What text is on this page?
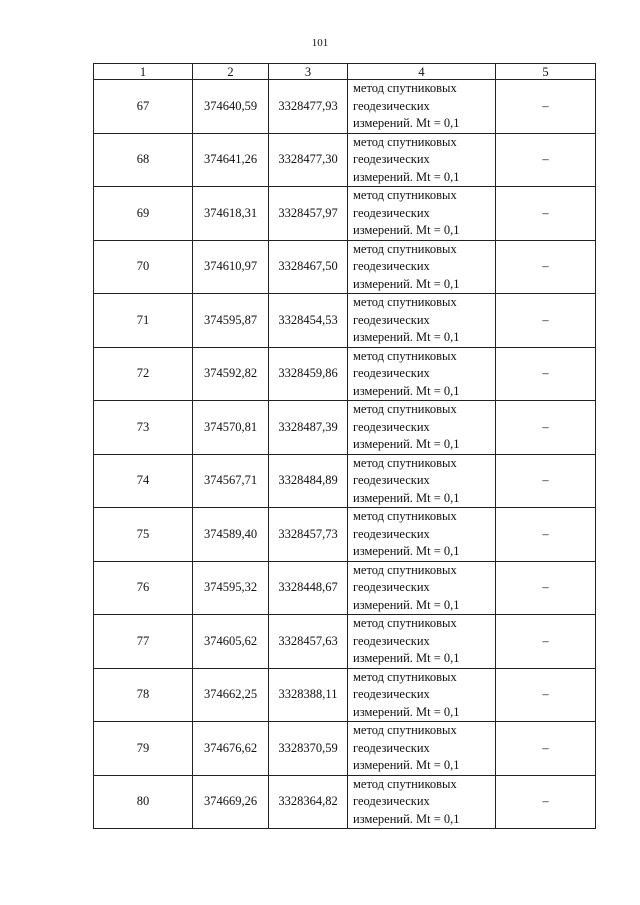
101
1	2	3	4	5
67	374640,59	3328477,93	метод спутниковых
геодезических
измерений. Mt = 0,1	–
68	374641,26	3328477,30	метод спутниковых
геодезических
измерений. Mt = 0,1	–
69	374618,31	3328457,97	метод спутниковых
геодезических
измерений. Mt = 0,1	–
70	374610,97	3328467,50	метод спутниковых
геодезических
измерений. Mt = 0,1	–
71	374595,87	3328454,53	метод спутниковых
геодезических
измерений. Mt = 0,1	–
72	374592,82	3328459,86	метод спутниковых
геодезических
измерений. Mt = 0,1	–
73	374570,81	3328487,39	метод спутниковых
геодезических
измерений. Mt = 0,1	–
74	374567,71	3328484,89	метод спутниковых
геодезических
измерений. Mt = 0,1	–
75	374589,40	3328457,73	метод спутниковых
геодезических
измерений. Mt = 0,1	–
76	374595,32	3328448,67	метод спутниковых
геодезических
измерений. Mt = 0,1	–
77	374605,62	3328457,63	метод спутниковых
геодезических
измерений. Mt = 0,1	–
78	374662,25	3328388,11	метод спутниковых
геодезических
измерений. Mt = 0,1	–
79	374676,62	3328370,59	метод спутниковых
геодезических
измерений. Mt = 0,1	–
80	374669,26	3328364,82	метод спутниковых
геодезических
измерений. Mt = 0,1	–
